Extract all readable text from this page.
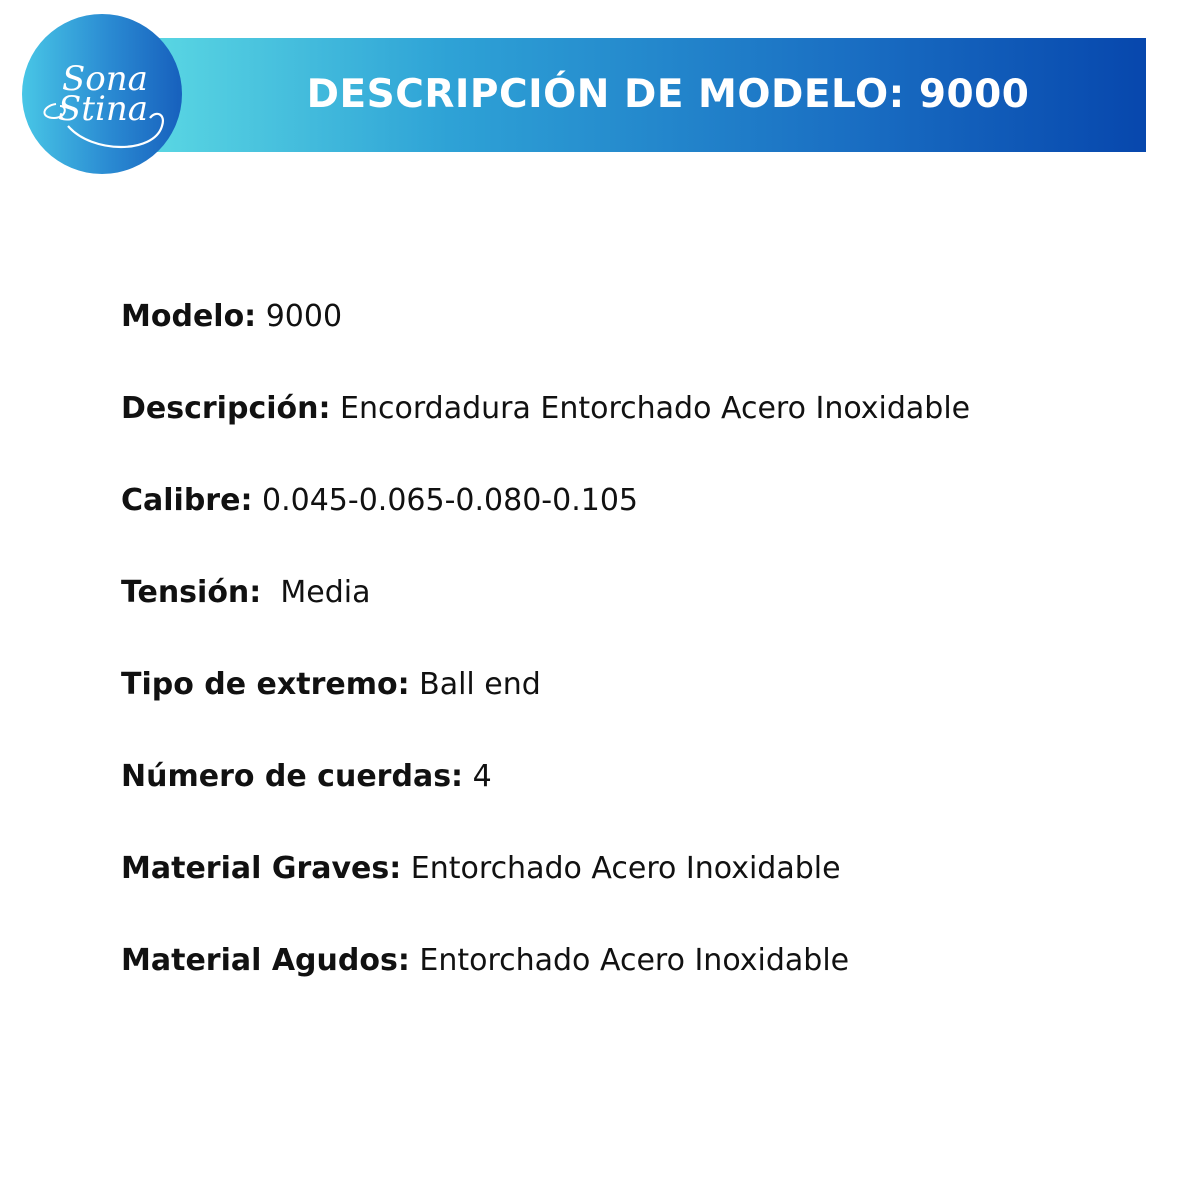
DESCRIPCIÓN DE MODELO: 9000
Sona
Stina
Modelo: 9000
Descripción: Encordadura Entorchado Acero Inoxidable
Calibre: 0.045-0.065-0.080-0.105
Tensión:  Media
Tipo de extremo: Ball end
Número de cuerdas: 4
Material Graves: Entorchado Acero Inoxidable
Material Agudos: Entorchado Acero Inoxidable
